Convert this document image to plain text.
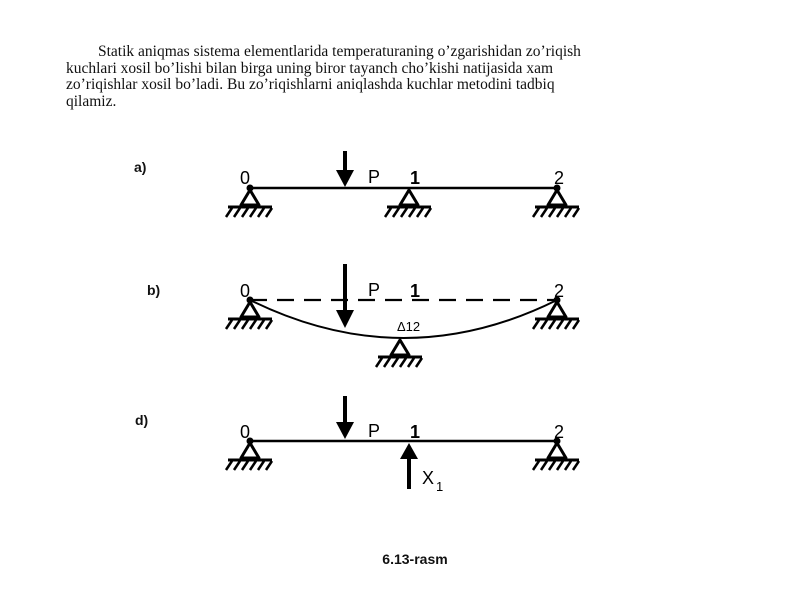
Statik aniqmas sistema elementlarida temperaturaning o’zgarishidan zo’riqish
kuchlari xosil bo’lishi bilan birga uning biror tayanch cho’kishi natijasida xam
zo’riqishlar xosil bo’ladi. Bu zo’riqishlarni aniqlashda kuchlar metodini tadbiq
qilamiz.

a)
b)
d)
0	P 1	2
0	P 1	2
Δ12
0	P 1	2
X 1
6.13-rasm
